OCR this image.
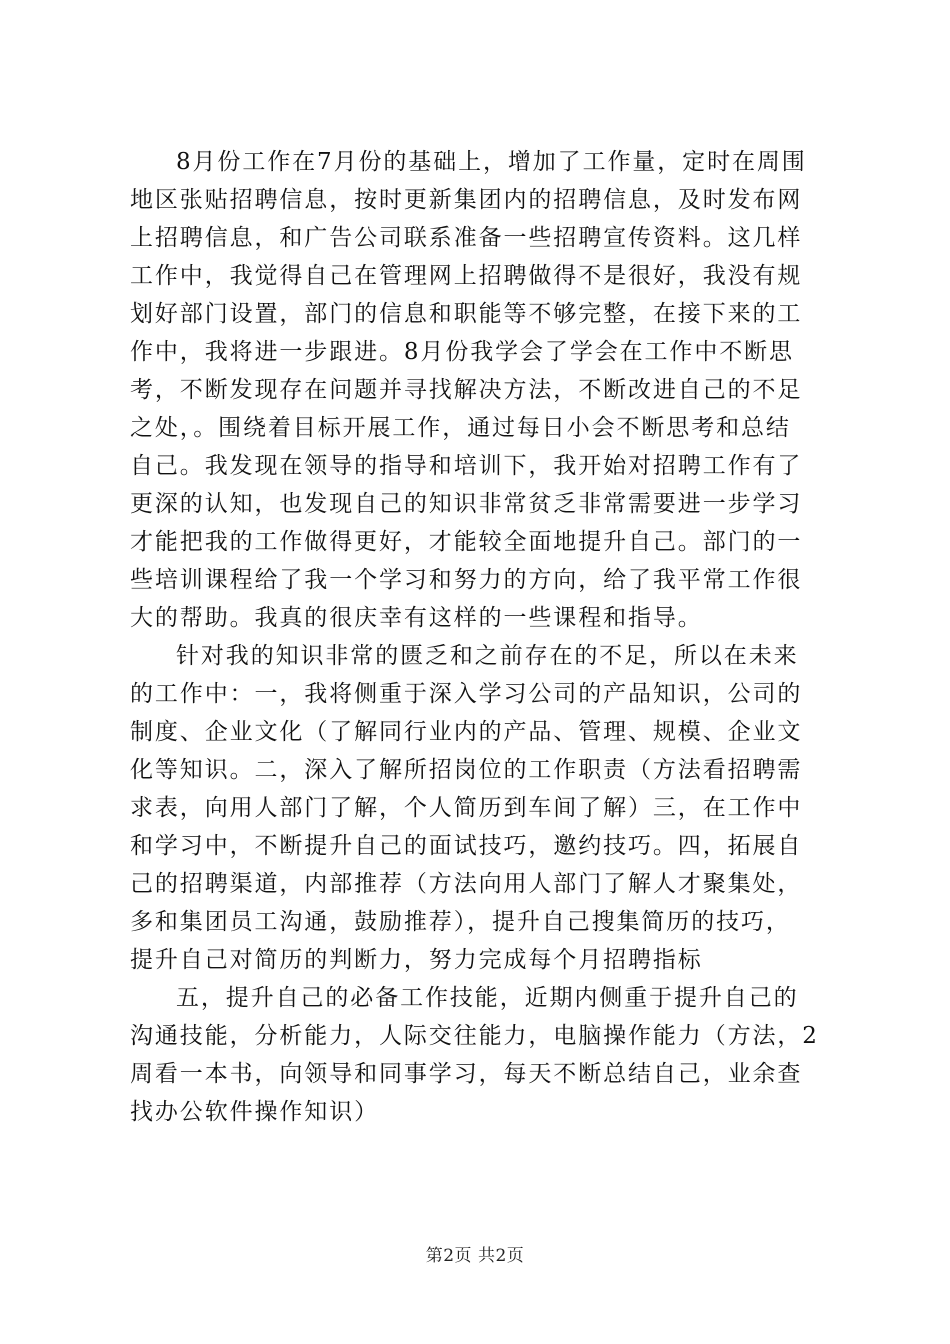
8月份工作在7月份的基础上，增加了工作量，定时在周围
地区张贴招聘信息，按时更新集团内的招聘信息，及时发布网
上招聘信息，和广告公司联系准备一些招聘宣传资料。这几样
工作中，我觉得自己在管理网上招聘做得不是很好，我没有规
划好部门设置，部门的信息和职能等不够完整，在接下来的工
作中，我将进一步跟进。8月份我学会了学会在工作中不断思
考，不断发现存在问题并寻找解决方法，不断改进自己的不足
之处，。围绕着目标开展工作，通过每日小会不断思考和总结
自己。我发现在领导的指导和培训下，我开始对招聘工作有了
更深的认知，也发现自己的知识非常贫乏非常需要进一步学习
才能把我的工作做得更好，才能较全面地提升自己。部门的一
些培训课程给了我一个学习和努力的方向，给了我平常工作很
大的帮助。我真的很庆幸有这样的一些课程和指导。
针对我的知识非常的匮乏和之前存在的不足，所以在未来
的工作中：一，我将侧重于深入学习公司的产品知识，公司的
制度、企业文化（了解同行业内的产品、管理、规模、企业文
化等知识。二，深入了解所招岗位的工作职责（方法看招聘需
求表，向用人部门了解，个人简历到车间了解）三，在工作中
和学习中，不断提升自己的面试技巧，邀约技巧。四，拓展自
己的招聘渠道，内部推荐（方法向用人部门了解人才聚集处，
多和集团员工沟通，鼓励推荐），提升自己搜集简历的技巧，
提升自己对简历的判断力，努力完成每个月招聘指标
五，提升自己的必备工作技能，近期内侧重于提升自己的
沟通技能，分析能力，人际交往能力，电脑操作能力（方法，2
周看一本书，向领导和同事学习，每天不断总结自己，业余查
找办公软件操作知识）
第2页 共2页
